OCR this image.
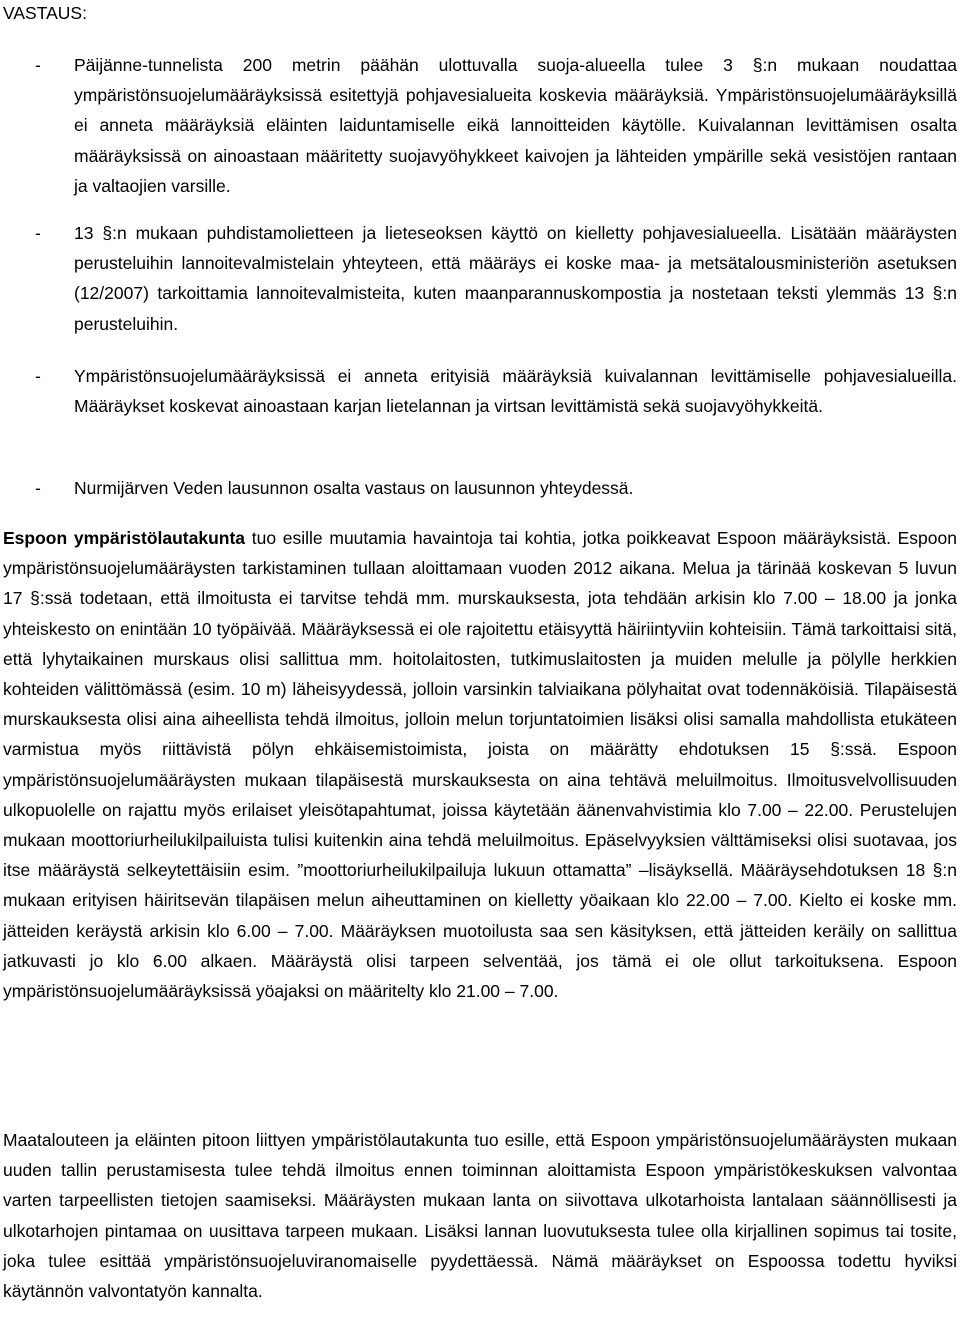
VASTAUS:
-	Päijänne-tunnelista 200 metrin päähän ulottuvalla suoja-alueella tulee 3 §:n mukaan noudattaa ympäristönsuojelumääräyksissä esitettyjä pohjavesialueita koskevia määräyksiä. Ympäristönsuojelumääräyksillä ei anneta määräyksiä eläinten laiduntamiselle eikä lannoitteiden käytölle. Kuivalannan levittämisen osalta määräyksissä on ainoastaan määritetty suojavyöhykkeet kaivojen ja lähteiden ympärille sekä vesistöjen rantaan ja valtaojien varsille.
-	13 §:n mukaan puhdistamolietteen ja lieteseoksen käyttö on kielletty pohjavesialueella. Lisätään määräysten perusteluihin lannoitevalmistelain yhteyteen, että määräys ei koske maa- ja metsätalousministeriön asetuksen (12/2007) tarkoittamia lannoitevalmisteita, kuten maanparannuskompostia ja nostetaan teksti ylemmäs 13 §:n perusteluihin.
-	Ympäristönsuojelumääräyksissä ei anneta erityisiä määräyksiä kuivalannan levittämiselle pohjavesialueilla. Määräykset koskevat ainoastaan karjan lietelannan ja virtsan levittämistä sekä suojavyöhykkeitä.
-	Nurmijärven Veden lausunnon osalta vastaus on lausunnon yhteydessä.

Espoon ympäristölautakunta tuo esille muutamia havaintoja tai kohtia, jotka poikkeavat Espoon määräyksistä. Espoon ympäristönsuojelumääräysten tarkistaminen tullaan aloittamaan vuoden 2012 aikana. Melua ja tärinää koskevan 5 luvun 17 §:ssä todetaan, että ilmoitusta ei tarvitse tehdä mm. murskauksesta, jota tehdään arkisin klo 7.00 – 18.00 ja jonka yhteiskesto on enintään 10 työpäivää. Määräyksessä ei ole rajoitettu etäisyyttä häiriintyviin kohteisiin. Tämä tarkoittaisi sitä, että lyhytaikainen murskaus olisi sallittua mm. hoitolaitosten, tutkimuslaitosten ja muiden melulle ja pölylle herkkien kohteiden välittömässä (esim. 10 m) läheisyydessä, jolloin varsinkin talviaikana pölyhaitat ovat todennäköisiä. Tilapäisestä murskauksesta olisi aina aiheellista tehdä ilmoitus, jolloin melun torjuntatoimien lisäksi olisi samalla mahdollista etukäteen varmistua myös riittävistä pölyn ehkäisemistoimista, joista on määrätty ehdotuksen 15 §:ssä. Espoon ympäristönsuojelumääräysten mukaan tilapäisestä murskauksesta on aina tehtävä meluilmoitus. Ilmoitusvelvollisuuden ulkopuolelle on rajattu myös erilaiset yleisötapahtumat, joissa käytetään äänenvahvistimia klo 7.00 – 22.00. Perustelujen mukaan moottoriurheilukilpailuista tulisi kuitenkin aina tehdä meluilmoitus. Epäselvyyksien välttämiseksi olisi suotavaa, jos itse määräystä selkeytettäisiin esim. ”moottoriurheilukilpailuja lukuun ottamatta” –lisäyksellä. Määräysehdotuksen 18 §:n mukaan erityisen häiritsevän tilapäisen melun aiheuttaminen on kielletty yöaikaan klo 22.00 – 7.00. Kielto ei koske mm. jätteiden keräystä arkisin klo 6.00 – 7.00. Määräyksen muotoilusta saa sen käsityksen, että jätteiden keräily on sallittua jatkuvasti jo klo 6.00 alkaen. Määräystä olisi tarpeen selventää, jos tämä ei ole ollut tarkoituksena. Espoon ympäristönsuojelumääräyksissä yöajaksi on määritelty klo 21.00 – 7.00.

Maatalouteen ja eläinten pitoon liittyen ympäristölautakunta tuo esille, että Espoon ympäristönsuojelumääräysten mukaan uuden tallin perustamisesta tulee tehdä ilmoitus ennen toiminnan aloittamista Espoon ympäristökeskuksen valvontaa varten tarpeellisten tietojen saamiseksi. Määräysten mukaan lanta on siivottava ulkotarhoista lantalaan säännöllisesti ja ulkotarhojen pintamaa on uusittava tarpeen mukaan. Lisäksi lannan luovutuksesta tulee olla kirjallinen sopimus tai tosite, joka tulee esittää ympäristönsuojeluviranomaiselle pyydettäessä. Nämä määräykset on Espoossa todettu hyviksi käytännön valvontatyön kannalta.
